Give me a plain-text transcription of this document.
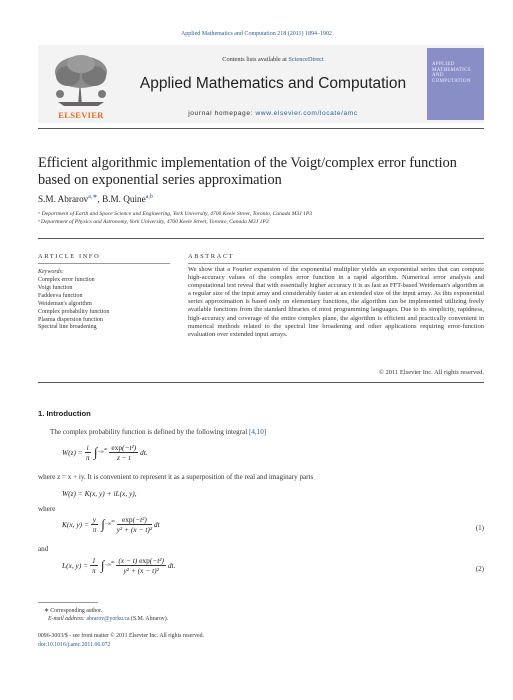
Applied Mathematics and Computation 218 (2011) 1894–1902
ELSEVIER
Contents lists available at ScienceDirect
Applied Mathematics and Computation
journal homepage: www.elsevier.com/locate/amc
APPLIED MATHEMATICS AND COMPUTATION
Efficient algorithmic implementation of the Voigt/complex error function based on exponential series approximation
S.M. Abrarov$^{a,∗}$, B.M. Quine$^{a,b}$
ᵃ Department of Earth and Space Science and Engineering, York University, 4700 Keele Street, Toronto, Canada M3J 1P3
ᵇ Department of Physics and Astronomy, York University, 4700 Keele Street, Toronto, Canada M3J 1P3
ARTICLE INFO
Keywords:
Complex error function
Voigt function
Faddeeva function
Weideman's algorithm
Complex probability function
Plasma dispersion function
Spectral line broadening
ABSTRACT
We show that a Fourier expansion of the exponential multiplier yields an exponential series that can compute high-accuracy values of the complex error function in a rapid algorithm. Numerical error analysis and computational test reveal that with essentially higher accuracy it is as fast as FFT-based Weideman's algorithm at a regular size of the input array and considerably faster at an extended size of the input array. As this exponential series approximation is based only on elementary functions, the algorithm can be implemented utilizing freely available functions from the standard libraries of most programming languages. Due to its simplicity, rapidness, high-accuracy and coverage of the entire complex plane, the algorithm is efficient and practically convenient in numerical methods related to the spectral line broadening and other applications requiring error-function evaluation over extended input arrays.
© 2011 Elsevier Inc. All rights reserved.
1. Introduction
The complex probability function is defined by the following integral [4,10]
$W(z) = \frac{i}{\pi} \int-\infty^\infty \frac{\text{exp(−t²)}}{z - t}$ dt.
where z = x + iy. It is convenient to represent it as a superposition of the real and imaginary parts
W(z) = K(x, y) + iL(x, y),
where
K(x, $y) = \frac{y}{\pi} \int-\infty^\infty \frac{\text{exp(−t²)}}{\text{y² + (x − t)²}}$ dt	(1)
and
L(x, $y) = \frac{1}{\pi} \int-\infty^\infty \frac{\text{(x − t) exp(−t²)}}{\text{y² + (x − t)²}}$ dt.	(2)
∗ Corresponding author.
E-mail address: abrarov@yorku.ca (S.M. Abrarov).
0096-3003/$ - see front matter © 2011 Elsevier Inc. All rights reserved.
doi:10.1016/j.amc.2011.06.072
